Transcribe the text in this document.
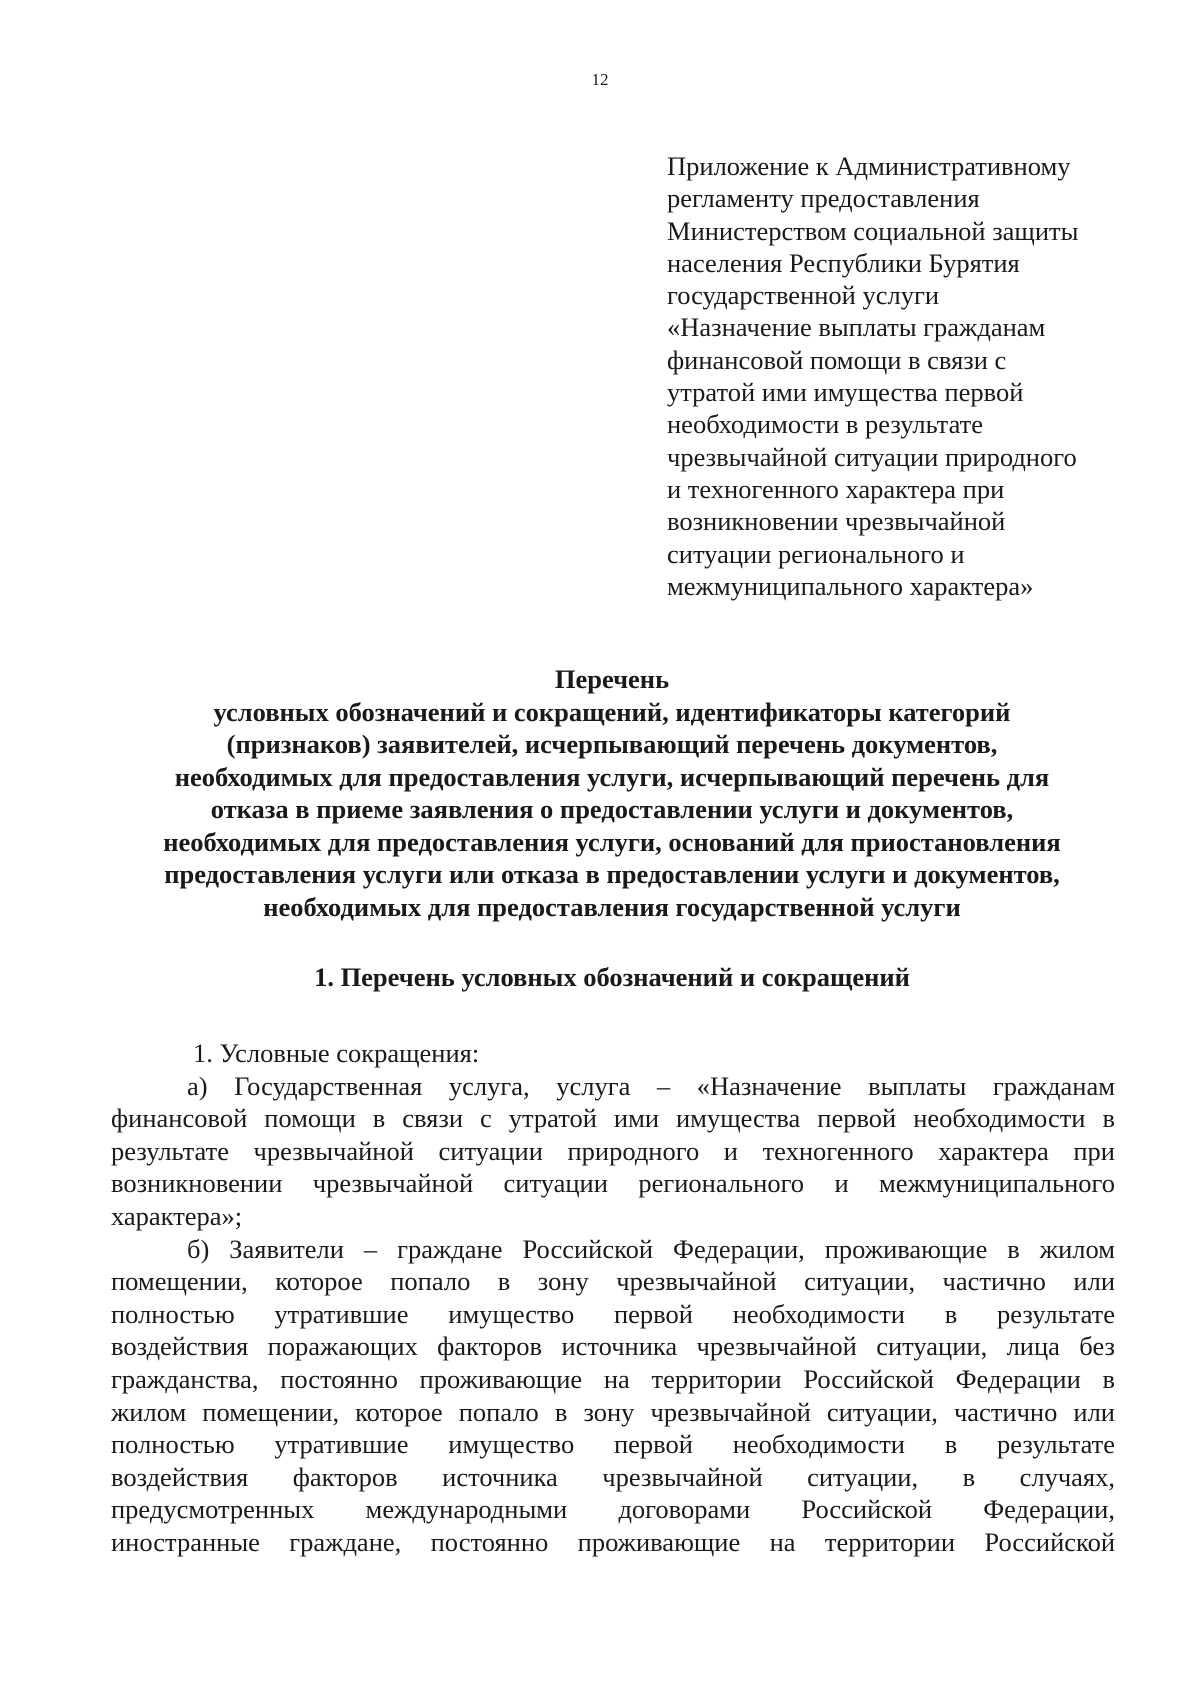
12
Приложение к Административному
регламенту предоставления
Министерством социальной защиты
населения Республики Бурятия
государственной услуги
«Назначение выплаты гражданам
финансовой помощи в связи с
утратой ими имущества первой
необходимости в результате
чрезвычайной ситуации природного
и техногенного характера при
возникновении чрезвычайной
ситуации регионального и
межмуниципального характера»
Перечень
условных обозначений и сокращений, идентификаторы категорий
(признаков) заявителей, исчерпывающий перечень документов,
необходимых для предоставления услуги, исчерпывающий перечень для
отказа в приеме заявления о предоставлении услуги и документов,
необходимых для предоставления услуги, оснований для приостановления
предоставления услуги или отказа в предоставлении услуги и документов,
необходимых для предоставления государственной услуги
1. Перечень условных обозначений и сокращений
1. Условные сокращения:
а) Государственная услуга, услуга – «Назначение выплаты гражданам
финансовой помощи в связи с утратой ими имущества первой необходимости в
результате чрезвычайной ситуации природного и техногенного характера при
возникновении чрезвычайной ситуации регионального и межмуниципального
характера»;
б) Заявители – граждане Российской Федерации, проживающие в жилом
помещении, которое попало в зону чрезвычайной ситуации, частично или
полностью утратившие имущество первой необходимости в результате
воздействия поражающих факторов источника чрезвычайной ситуации, лица без
гражданства, постоянно проживающие на территории Российской Федерации в
жилом помещении, которое попало в зону чрезвычайной ситуации, частично или
полностью утратившие имущество первой необходимости в результате
воздействия факторов источника чрезвычайной ситуации, в случаях,
предусмотренных международными договорами Российской Федерации,
иностранные граждане, постоянно проживающие на территории Российской
